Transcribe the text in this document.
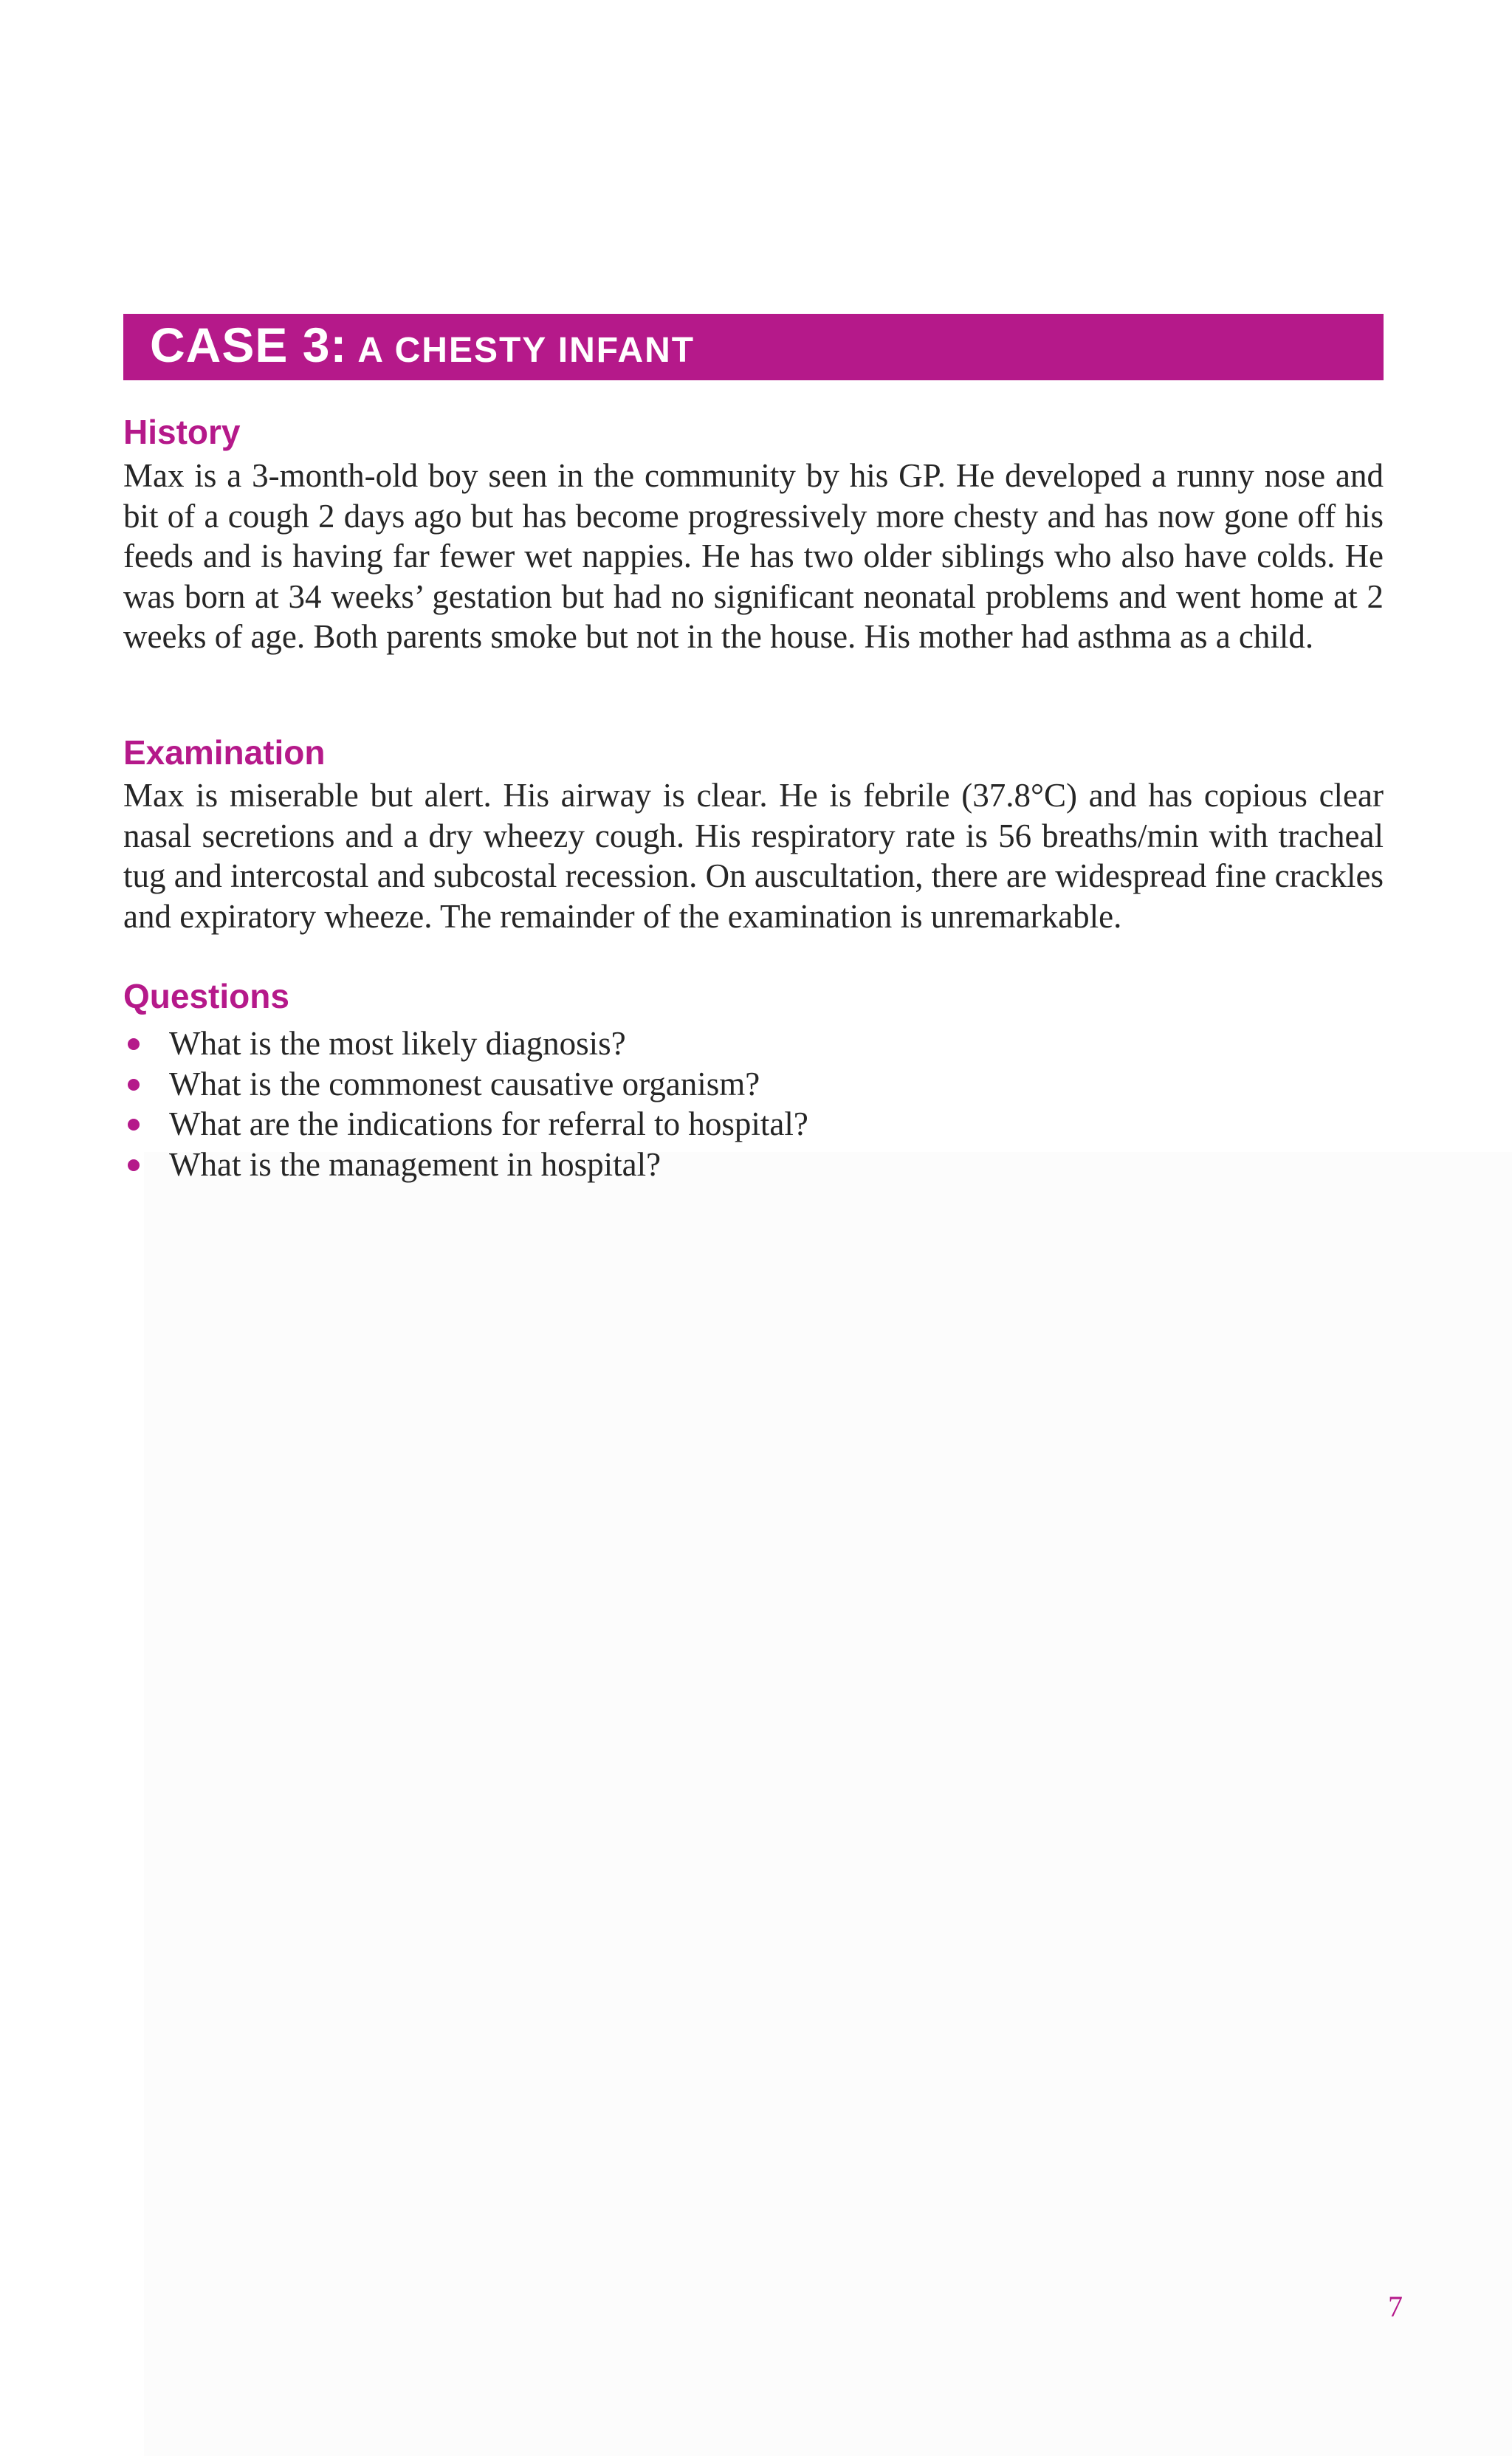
CASE 3: A CHESTY INFANT
History

Max is a 3-month-old boy seen in the community by his GP. He developed a runny nose and bit of a cough 2 days ago but has become progressively more chesty and has now gone off his feeds and is having far fewer wet nappies. He has two older siblings who also have colds. He was born at 34 weeks’ gestation but had no significant neonatal problems and went home at 2 weeks of age. Both parents smoke but not in the house. His mother had asthma as a child.

Examination

Max is miserable but alert. His airway is clear. He is febrile (37.8°C) and has copious clear nasal secretions and a dry wheezy cough. His respiratory rate is 56 breaths/min with tracheal tug and intercostal and subcostal recession. On auscultation, there are widespread fine crackles and expiratory wheeze. The remainder of the examination is unremarkable.

Questions
What is the most likely diagnosis?
What is the commonest causative organism?
What are the indications for referral to hospital?
What is the management in hospital?
7
